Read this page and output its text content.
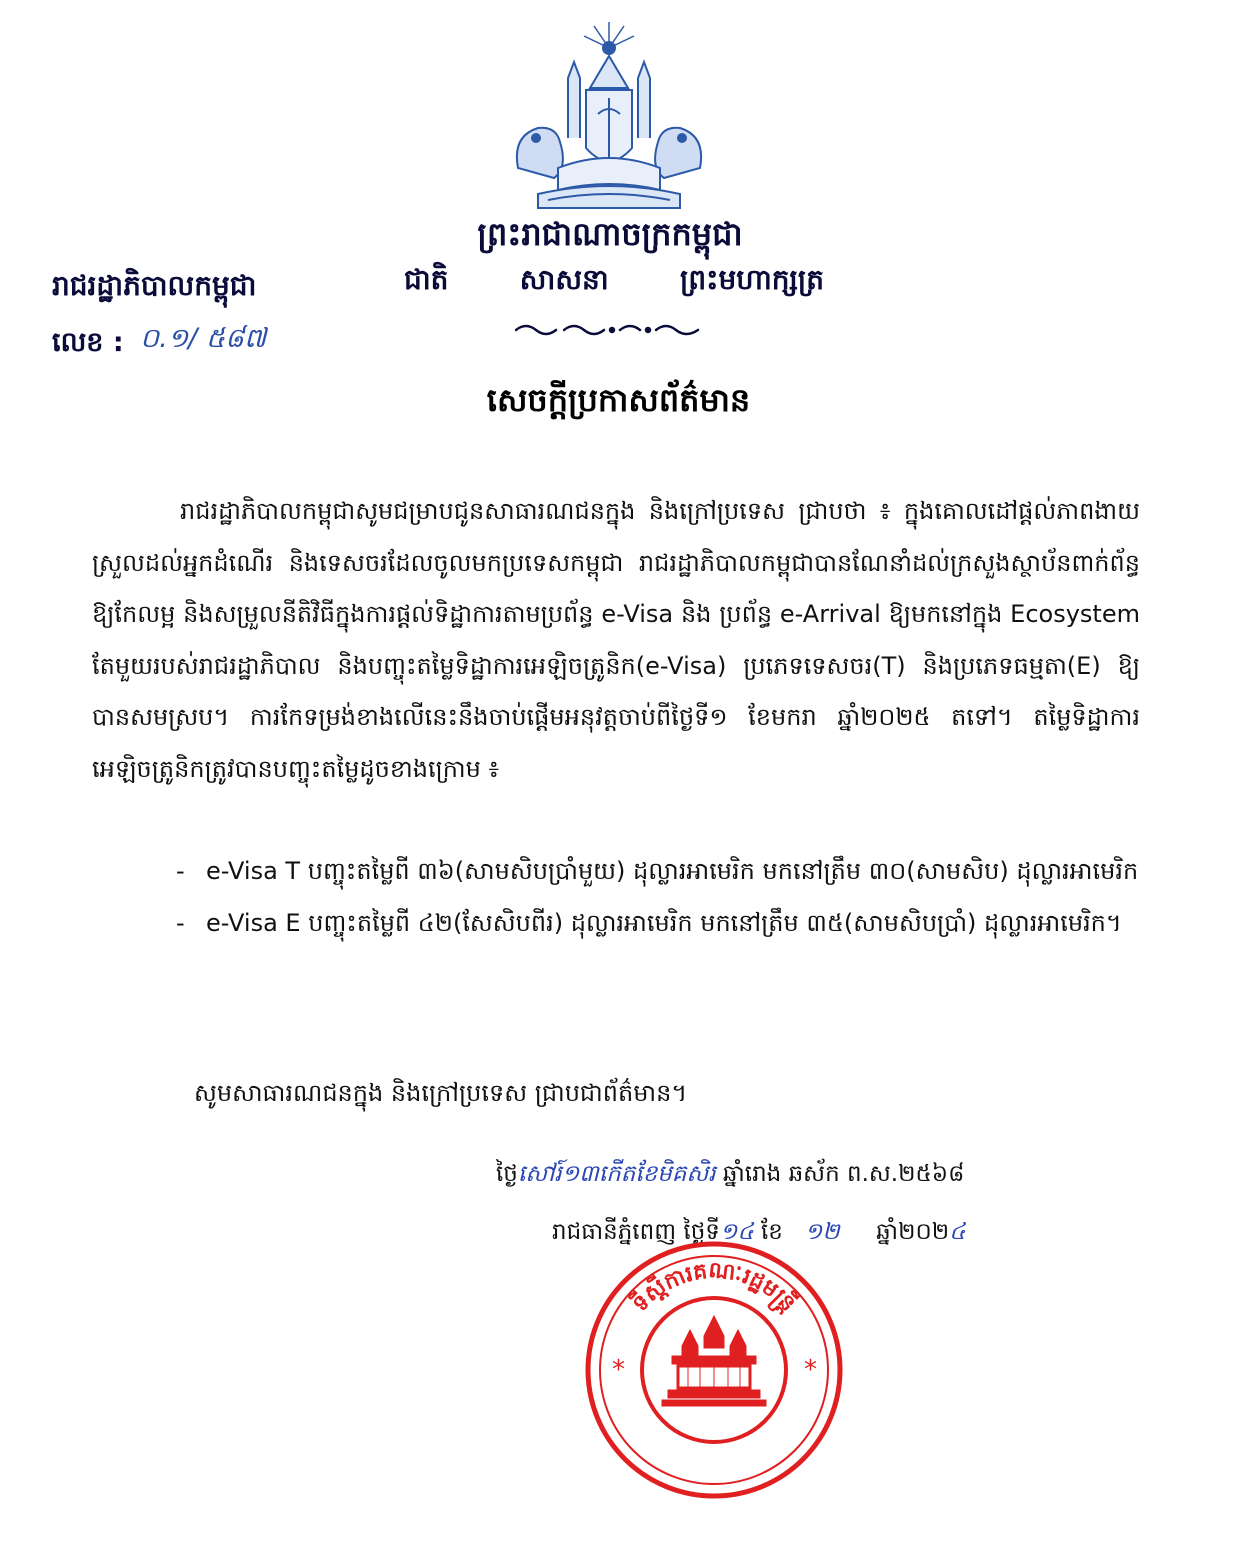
ព្រះរាជាណាចក្រកម្ពុជា
ជាតិ	សាសនា	ព្រះមហាក្សត្រ
រាជរដ្ឋាភិបាលកម្ពុជា
លេខ : ០.១/ ៥៨៧
សេចក្តីប្រកាសព័ត៌មាន

រាជរដ្ឋាភិបាលកម្ពុជាសូមជម្រាបជូនសាធារណជនក្នុង និងក្រៅប្រទេស ជ្រាបថា ៖ ក្នុងគោលដៅផ្តល់ភាពងាយស្រួលដល់អ្នកដំណើរ និងទេសចរដែលចូលមកប្រទេសកម្ពុជា រាជរដ្ឋាភិបាលកម្ពុជាបានណែនាំដល់ក្រសួងស្ថាប័នពាក់ព័ន្ធ ឱ្យកែលម្អ និងសម្រួលនីតិវិធីក្នុងការផ្តល់ទិដ្ឋាការតាមប្រព័ន្ធ e-Visa និង ប្រព័ន្ធ e-Arrival ឱ្យមកនៅក្នុង Ecosystem តែមួយរបស់រាជរដ្ឋាភិបាល និងបញ្ចុះតម្លៃទិដ្ឋាការអេឡិចត្រូនិក(e-Visa) ប្រភេទទេសចរ(T) និងប្រភេទធម្មតា(E) ឱ្យបានសមស្រប។ ការកែទម្រង់ខាងលើនេះនឹងចាប់ផ្តើមអនុវត្តចាប់ពីថ្ងៃទី១ ខែមករា ឆ្នាំ២០២៥ តទៅ។ តម្លៃទិដ្ឋាការអេឡិចត្រូនិកត្រូវបានបញ្ចុះតម្លៃដូចខាងក្រោម ៖

- e-Visa T បញ្ចុះតម្លៃពី ៣៦(សាមសិបប្រាំមួយ) ដុល្លារអាមេរិក មកនៅត្រឹម ៣០(សាមសិប) ដុល្លារអាមេរិក
- e-Visa E បញ្ចុះតម្លៃពី ៤២(សែសិបពីរ) ដុល្លារអាមេរិក មកនៅត្រឹម ៣៥(សាមសិបប្រាំ) ដុល្លារអាមេរិក។
សូមសាធារណជនក្នុង និងក្រៅប្រទេស ជ្រាបជាព័ត៌មាន។
ថ្ងៃសៅរ៍១៣កើតខែមិគសិរ ឆ្នាំរោង ឆស័ក ព.ស.២៥៦៨
រាជធានីភ្នំពេញ ថ្ងៃទី១៤ ខែ ១២ ឆ្នាំ២០២៤
ទីស្តីការគណៈរដ្ឋមន្ត្រី
*	*
